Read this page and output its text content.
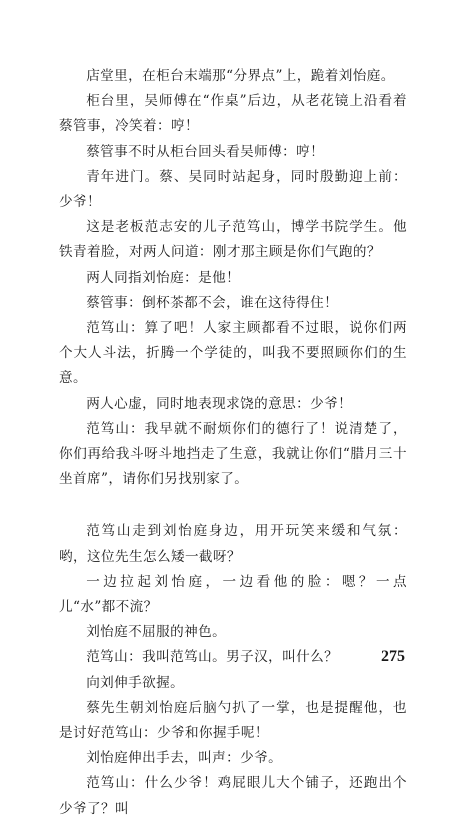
店堂里，在柜台末端那“分界点”上，跪着刘怡庭。

柜台里，吴师傅在“作桌”后边，从老花镜上沿看着蔡管事，冷笑着：哼！

蔡管事不时从柜台回头看吴师傅：哼！

青年进门。蔡、吴同时站起身，同时殷勤迎上前：少爷！

这是老板范志安的儿子范笃山，博学书院学生。他铁青着脸，对两人问道：刚才那主顾是你们气跑的？

两人同指刘怡庭：是他！

蔡管事：倒杯茶都不会，谁在这待得住！

范笃山：算了吧！人家主顾都看不过眼，说你们两个大人斗法，折腾一个学徒的，叫我不要照顾你们的生意。

两人心虚，同时地表现求饶的意思：少爷！

范笃山：我早就不耐烦你们的德行了！说清楚了，你们再给我斗呀斗地挡走了生意，我就让你们“腊月三十坐首席”，请你们另找别家了。

范笃山走到刘怡庭身边，用开玩笑来缓和气氛：哟，这位先生怎么矮一截呀？

一边拉起刘怡庭，一边看他的脸：嗯？一点儿“水”都不流？

刘怡庭不屈服的神色。

范笃山：我叫范笃山。男子汉，叫什么？

向刘伸手欲握。

蔡先生朝刘怡庭后脑勺扒了一掌，也是提醒他，也是讨好范笃山：少爷和你握手呢！

刘怡庭伸出手去，叫声：少爷。

范笃山：什么少爷！鸡屁眼儿大个铺子，还跑出个少爷了？叫

275
